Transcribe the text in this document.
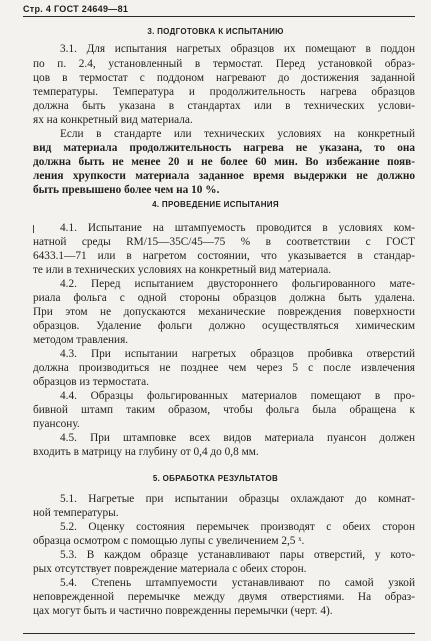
Стр. 4 ГОСТ 24649—81
3. ПОДГОТОВКА К ИСПЫТАНИЮ
3.1. Для испытания нагретых образцов их помещают в поддон
по п. 2.4, установленный в термостат. Перед установкой образ-
цов в термостат с поддоном нагревают до достижения заданной
температуры. Температура и продолжительность нагрева образцов
должна быть указана в стандартах или в технических услови-
ях на конкретный вид материала.
Если в стандарте или технических условиях на конкретный
вид материала продолжительность нагрева не указана, то она
должна быть не менее 20 и не более 60 мин. Во избежание появ-
ления хрупкости материала заданное время выдержки не должно
быть превышено более чем на 10 %.
4. ПРОВЕДЕНИЕ ИСПЫТАНИЯ
4.1. Испытание на штампуемость проводится в условиях ком-
натной среды RM/15—35С/45—75 % в соответствии с ГОСТ
6433.1—71 или в нагретом состоянии, что указывается в стандар-
те или в технических условиях на конкретный вид материала.
4.2. Перед испытанием двустороннего фольгированного мате-
риала фольга с одной стороны образцов должна быть удалена.
При этом не допускаются механические повреждения поверхности
образцов. Удаление фольги должно осуществляться химическим
методом травления.
4.3. При испытании нагретых образцов пробивка отверстий
должна производиться не позднее чем через 5 с после извлечения
образцов из термостата.
4.4. Образцы фольгированных материалов помещают в про-
бивной штамп таким образом, чтобы фольга была обращена к
пуансону.
4.5. При штамповке всех видов материала пуансон должен
входить в матрицу на глубину от 0,4 до 0,8 мм.
5. ОБРАБОТКА РЕЗУЛЬТАТОВ
5.1. Нагретые при испытании образцы охлаждают до комнат-
ной температуры.
5.2. Оценку состояния перемычек производят с обеих сторон
образца осмотром с помощью лупы с увеличением 2,5 ˣ.
5.3. В каждом образце устанавливают пары отверстий, у кото-
рых отсутствует повреждение материала с обеих сторон.
5.4. Степень штампуемости устанавливают по самой узкой
неповрежденной перемычке между двумя отверстиями. На образ-
цах могут быть и частично поврежденны перемычки (черт. 4).
